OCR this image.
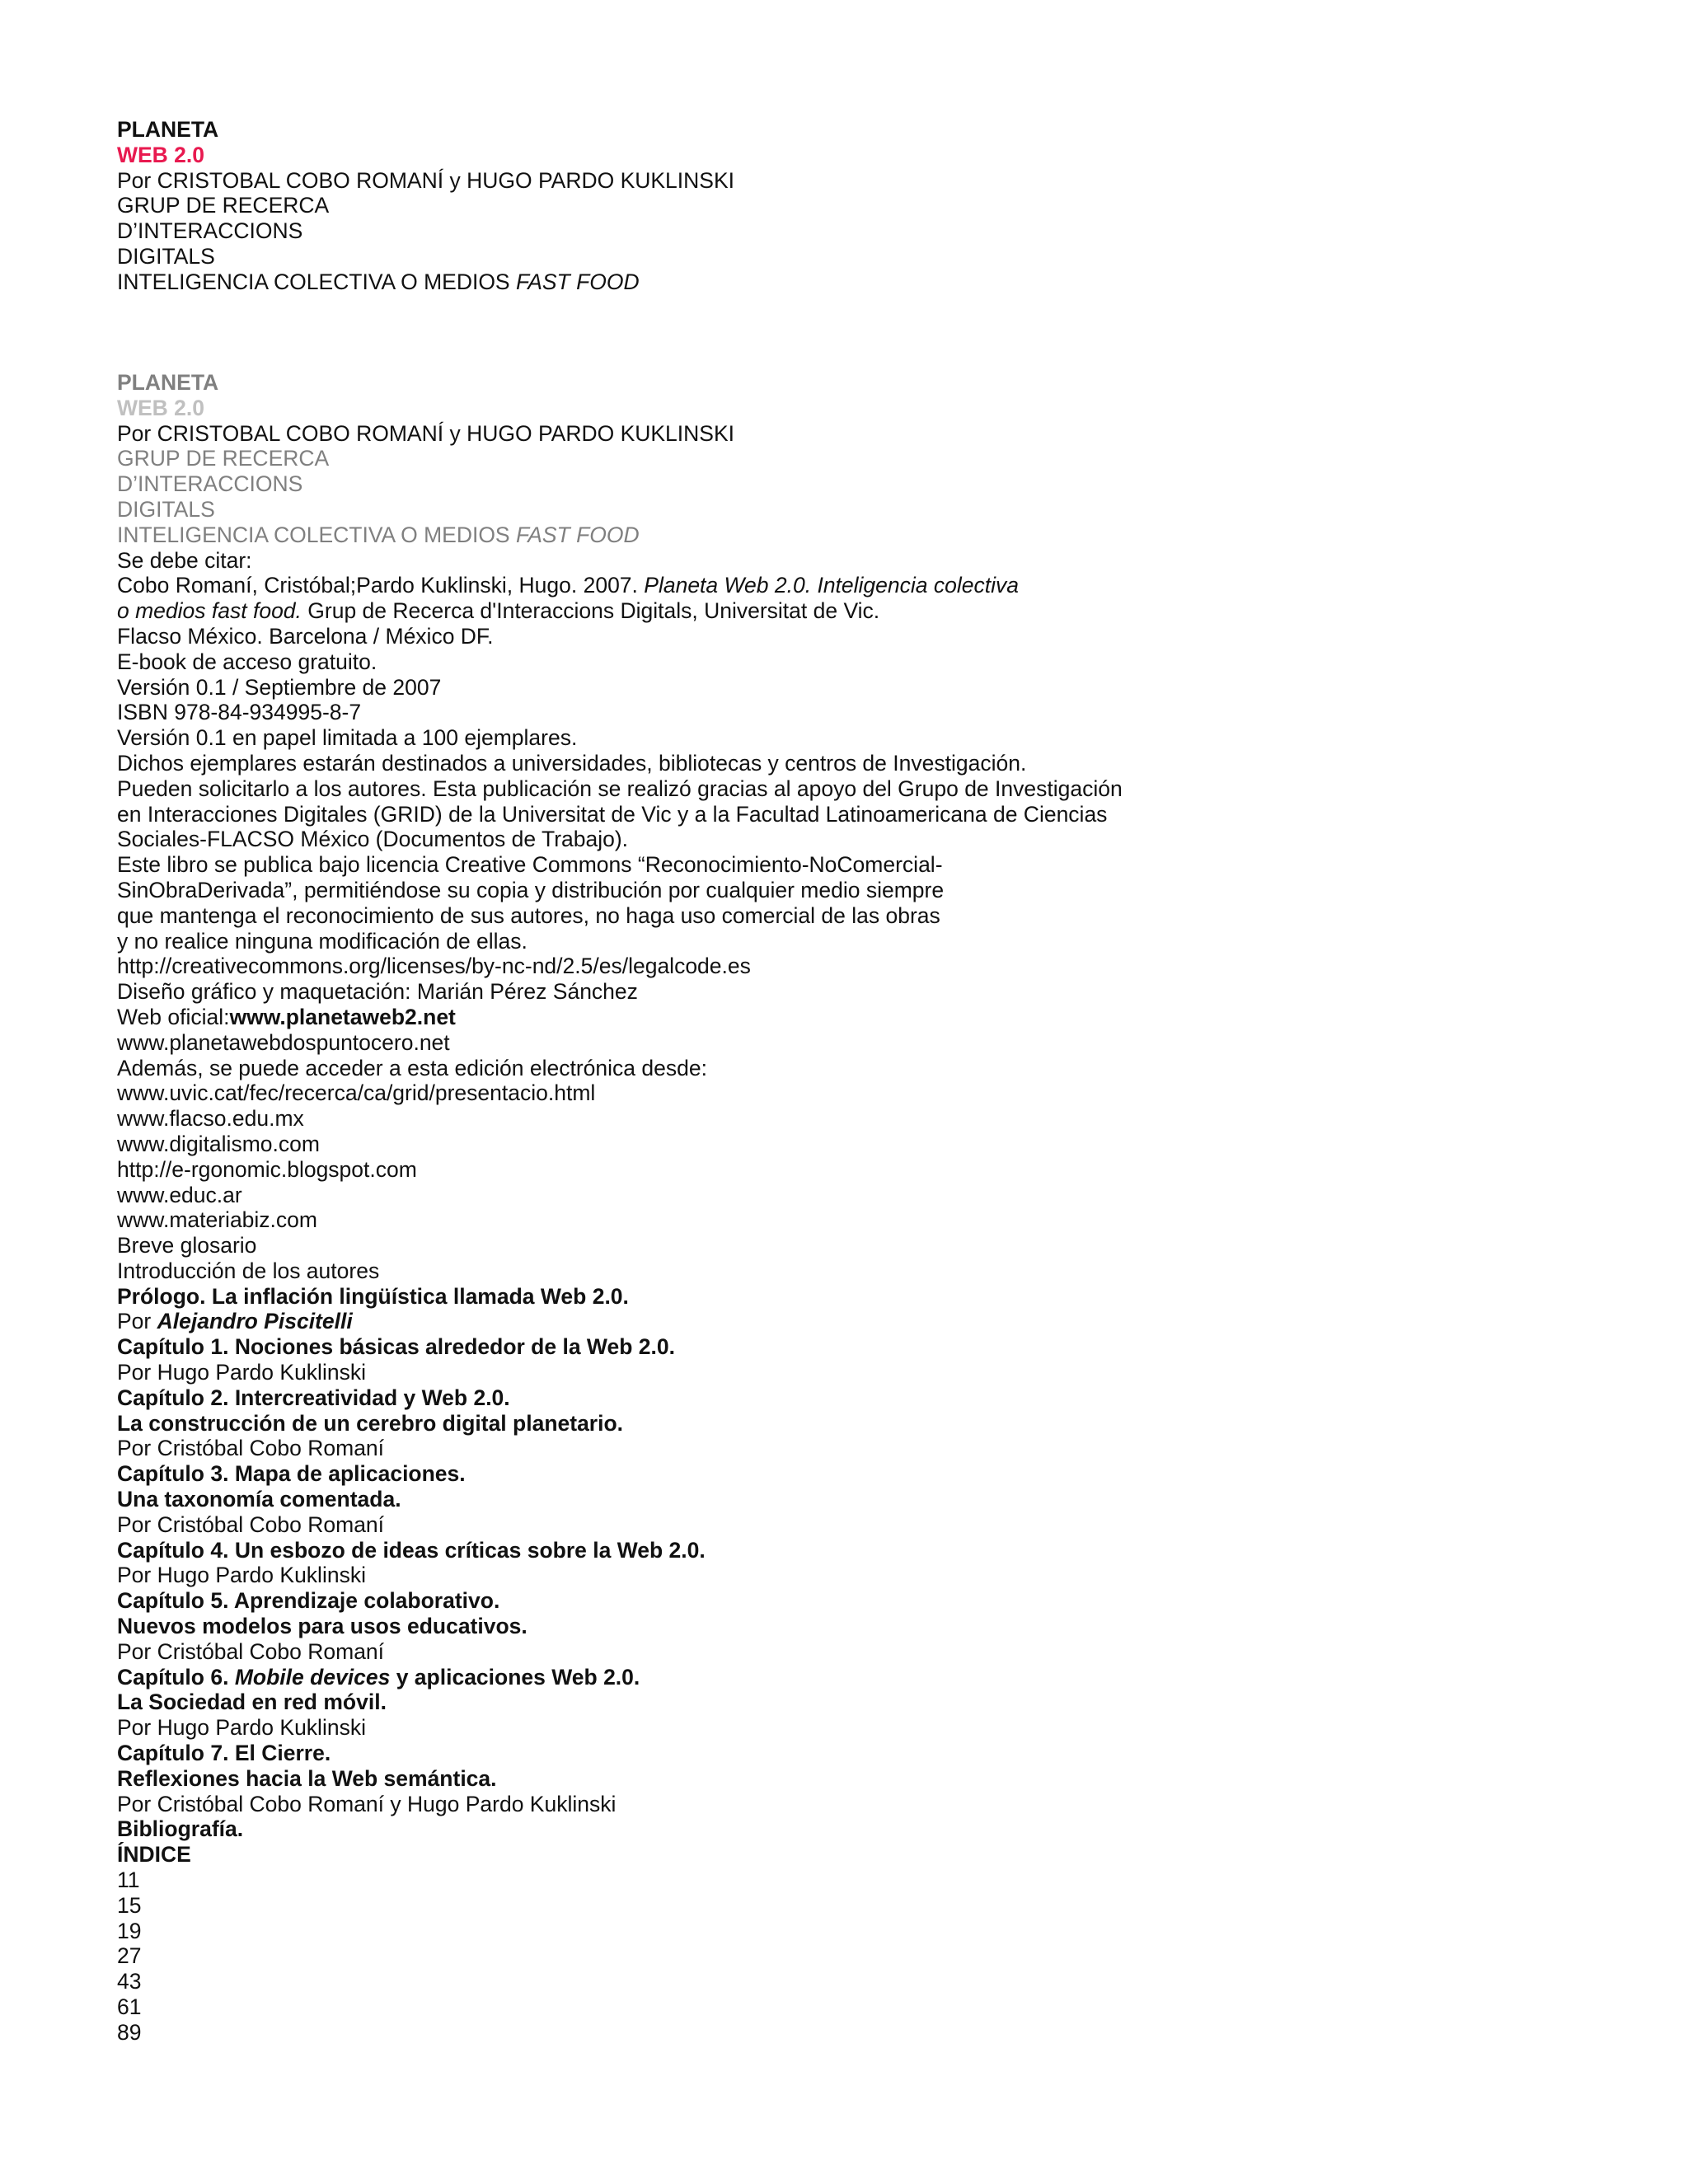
PLANETA
WEB 2.0
Por CRISTOBAL COBO ROMANÍ y HUGO PARDO KUKLINSKI
GRUP DE RECERCA
D’INTERACCIONS
DIGITALS
INTELIGENCIA COLECTIVA O MEDIOS FAST FOOD
PLANETA
WEB 2.0
Por CRISTOBAL COBO ROMANÍ y HUGO PARDO KUKLINSKI
GRUP DE RECERCA
D’INTERACCIONS
DIGITALS
INTELIGENCIA COLECTIVA O MEDIOS FAST FOOD
Se debe citar:
Cobo Romaní, Cristóbal;Pardo Kuklinski, Hugo. 2007. Planeta Web 2.0. Inteligencia colectiva
o medios fast food. Grup de Recerca d'Interaccions Digitals, Universitat de Vic.
Flacso México. Barcelona / México DF.
E-book de acceso gratuito.
Versión 0.1 / Septiembre de 2007
ISBN 978-84-934995-8-7
Versión 0.1 en papel limitada a 100 ejemplares.
Dichos ejemplares estarán destinados a universidades, bibliotecas y centros de Investigación.
Pueden solicitarlo a los autores. Esta publicación se realizó gracias al apoyo del Grupo de Investigación
en Interacciones Digitales (GRID) de la Universitat de Vic y a la Facultad Latinoamericana de Ciencias
Sociales-FLACSO México (Documentos de Trabajo).
Este libro se publica bajo licencia Creative Commons “Reconocimiento-NoComercial-
SinObraDerivada”, permitiéndose su copia y distribución por cualquier medio siempre
que mantenga el reconocimiento de sus autores, no haga uso comercial de las obras
y no realice ninguna modificación de ellas.
http://creativecommons.org/licenses/by-nc-nd/2.5/es/legalcode.es
Diseño gráfico y maquetación: Marián Pérez Sánchez
Web oficial:www.planetaweb2.net
www.planetawebdospuntocero.net
Además, se puede acceder a esta edición electrónica desde:
www.uvic.cat/fec/recerca/ca/grid/presentacio.html
www.flacso.edu.mx
www.digitalismo.com
http://e-rgonomic.blogspot.com
www.educ.ar
www.materiabiz.com
Breve glosario
Introducción de los autores
Prólogo. La inflación lingüística llamada Web 2.0.
Por Alejandro Piscitelli
Capítulo 1. Nociones básicas alrededor de la Web 2.0.
Por Hugo Pardo Kuklinski
Capítulo 2. Intercreatividad y Web 2.0.
La construcción de un cerebro digital planetario.
Por Cristóbal Cobo Romaní
Capítulo 3. Mapa de aplicaciones.
Una taxonomía comentada.
Por Cristóbal Cobo Romaní
Capítulo 4. Un esbozo de ideas críticas sobre la Web 2.0.
Por Hugo Pardo Kuklinski
Capítulo 5. Aprendizaje colaborativo.
Nuevos modelos para usos educativos.
Por Cristóbal Cobo Romaní
Capítulo 6. Mobile devices y aplicaciones Web 2.0.
La Sociedad en red móvil.
Por Hugo Pardo Kuklinski
Capítulo 7. El Cierre.
Reflexiones hacia la Web semántica.
Por Cristóbal Cobo Romaní y Hugo Pardo Kuklinski
Bibliografía.
ÍNDICE
11
15
19
27
43
61
89
